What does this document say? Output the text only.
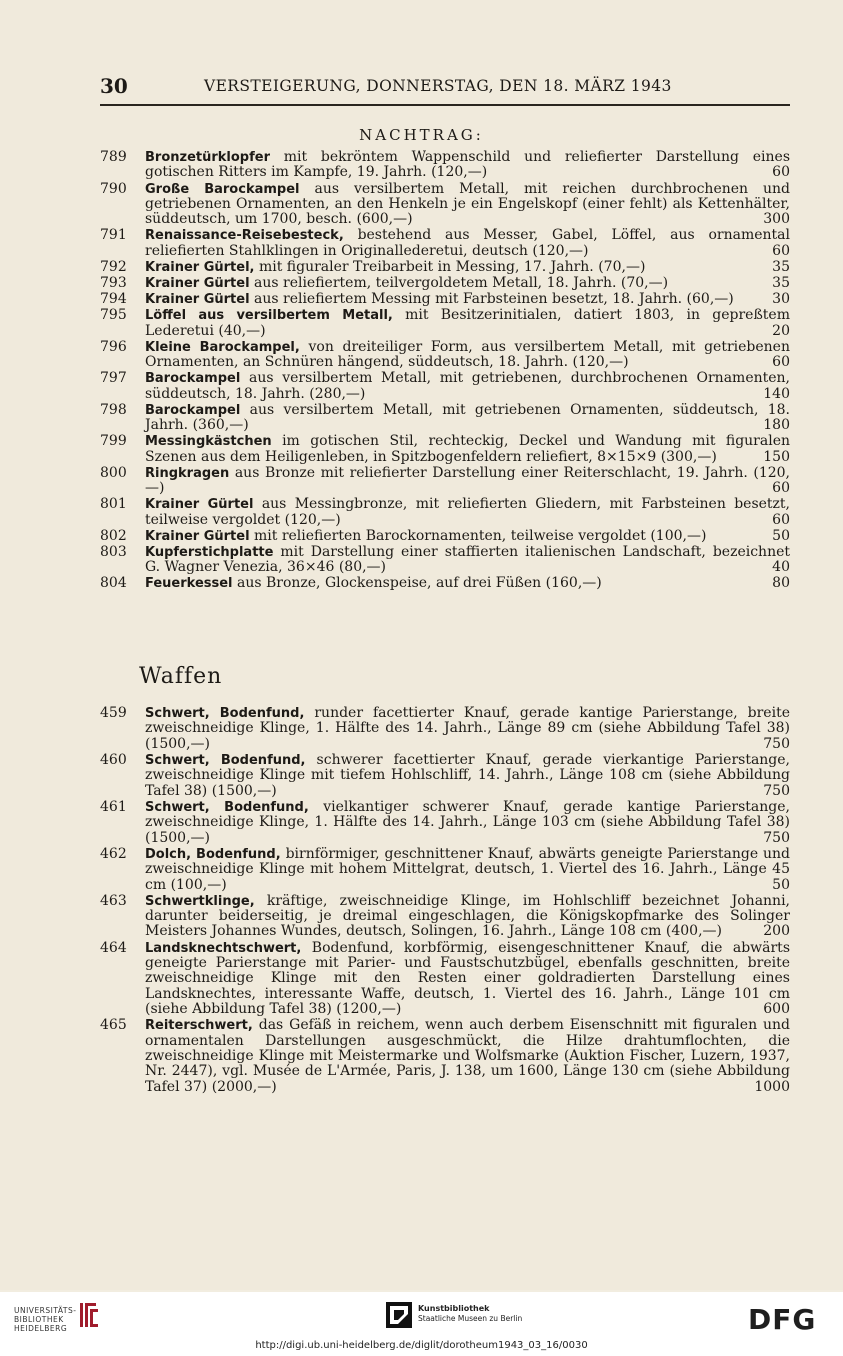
30	VERSTEIGERUNG, DONNERSTAG, DEN 18. MÄRZ 1943
NACHTRAG:
789	Bronzetürklopfer mit bekröntem Wappenschild und reliefierter Darstellung eines gotischen Ritters im Kampfe, 19. Jahrh. (120,—)	60
790	Große Barockampel aus versilbertem Metall, mit reichen durchbrochenen und getriebenen Ornamenten, an den Henkeln je ein Engelskopf (einer fehlt) als Kettenhälter, süddeutsch, um 1700, besch. (600,—)	300
791	Renaissance-Reisebesteck, bestehend aus Messer, Gabel, Löffel, aus ornamental reliefierten Stahlklingen in Originallederetui, deutsch (120,—)	60
792	Krainer Gürtel, mit figuraler Treibarbeit in Messing, 17. Jahrh. (70,—)	35
793	Krainer Gürtel aus reliefiertem, teilvergoldetem Metall, 18. Jahrh. (70,—)	35
794	Krainer Gürtel aus reliefiertem Messing mit Farbsteinen besetzt, 18. Jahrh. (60,—)	30
795	Löffel aus versilbertem Metall, mit Besitzerinitialen, datiert 1803, in gepreßtem Lederetui (40,—)	20
796	Kleine Barockampel, von dreiteiliger Form, aus versilbertem Metall, mit getriebenen Ornamenten, an Schnüren hängend, süddeutsch, 18. Jahrh. (120,—)	60
797	Barockampel aus versilbertem Metall, mit getriebenen, durchbrochenen Ornamenten, süddeutsch, 18. Jahrh. (280,—)	140
798	Barockampel aus versilbertem Metall, mit getriebenen Ornamenten, süddeutsch, 18. Jahrh. (360,—)	180
799	Messingkästchen im gotischen Stil, rechteckig, Deckel und Wandung mit figuralen Szenen aus dem Heiligenleben, in Spitzbogenfeldern reliefiert, 8×15×9 (300,—)	150
800	Ringkragen aus Bronze mit reliefierter Darstellung einer Reiterschlacht, 19. Jahrh. (120,—)	60
801	Krainer Gürtel aus Messingbronze, mit reliefierten Gliedern, mit Farbsteinen besetzt, teilweise vergoldet (120,—)	60
802	Krainer Gürtel mit reliefierten Barockornamenten, teilweise vergoldet (100,—)	50
803	Kupferstichplatte mit Darstellung einer staffierten italienischen Landschaft, bezeichnet G. Wagner Venezia, 36×46 (80,—)	40
804	Feuerkessel aus Bronze, Glockenspeise, auf drei Füßen (160,—)	80
Waffen
459	Schwert, Bodenfund, runder facettierter Knauf, gerade kantige Parierstange, breite zweischneidige Klinge, 1. Hälfte des 14. Jahrh., Länge 89 cm (siehe Abbildung Tafel 38) (1500,—)	750
460	Schwert, Bodenfund, schwerer facettierter Knauf, gerade vierkantige Parierstange, zweischneidige Klinge mit tiefem Hohlschliff, 14. Jahrh., Länge 108 cm (siehe Abbildung Tafel 38) (1500,—)	750
461	Schwert, Bodenfund, vielkantiger schwerer Knauf, gerade kantige Parierstange, zweischneidige Klinge, 1. Hälfte des 14. Jahrh., Länge 103 cm (siehe Abbildung Tafel 38) (1500,—)	750
462	Dolch, Bodenfund, birnförmiger, geschnittener Knauf, abwärts geneigte Parierstange und zweischneidige Klinge mit hohem Mittelgrat, deutsch, 1. Viertel des 16. Jahrh., Länge 45 cm (100,—)	50
463	Schwertklinge, kräftige, zweischneidige Klinge, im Hohlschliff bezeichnet Johanni, darunter beiderseitig, je dreimal eingeschlagen, die Königskopfmarke des Solinger Meisters Johannes Wundes, deutsch, Solingen, 16. Jahrh., Länge 108 cm (400,—)	200
464	Landsknechtschwert, Bodenfund, korbförmig, eisengeschnittener Knauf, die abwärts geneigte Parierstange mit Parier- und Faustschutzbügel, ebenfalls geschnitten, breite zweischneidige Klinge mit den Resten einer goldradierten Darstellung eines Landsknechtes, interessante Waffe, deutsch, 1. Viertel des 16. Jahrh., Länge 101 cm (siehe Abbildung Tafel 38) (1200,—)	600
465	Reiterschwert, das Gefäß in reichem, wenn auch derbem Eisenschnitt mit figuralen und ornamentalen Darstellungen ausgeschmückt, die Hilze drahtumflochten, die zweischneidige Klinge mit Meistermarke und Wolfsmarke (Auktion Fischer, Luzern, 1937, Nr. 2447), vgl. Musée de L'Armée, Paris, J. 138, um 1600, Länge 130 cm (siehe Abbildung Tafel 37) (2000,—)	1000
UNIVERSITÄTS-
BIBLIOTHEK
HEIDELBERG
Kunstbibliothek
Staatliche Museen zu Berlin	DFG
http://digi.ub.uni-heidelberg.de/diglit/dorotheum1943_03_16/0030
